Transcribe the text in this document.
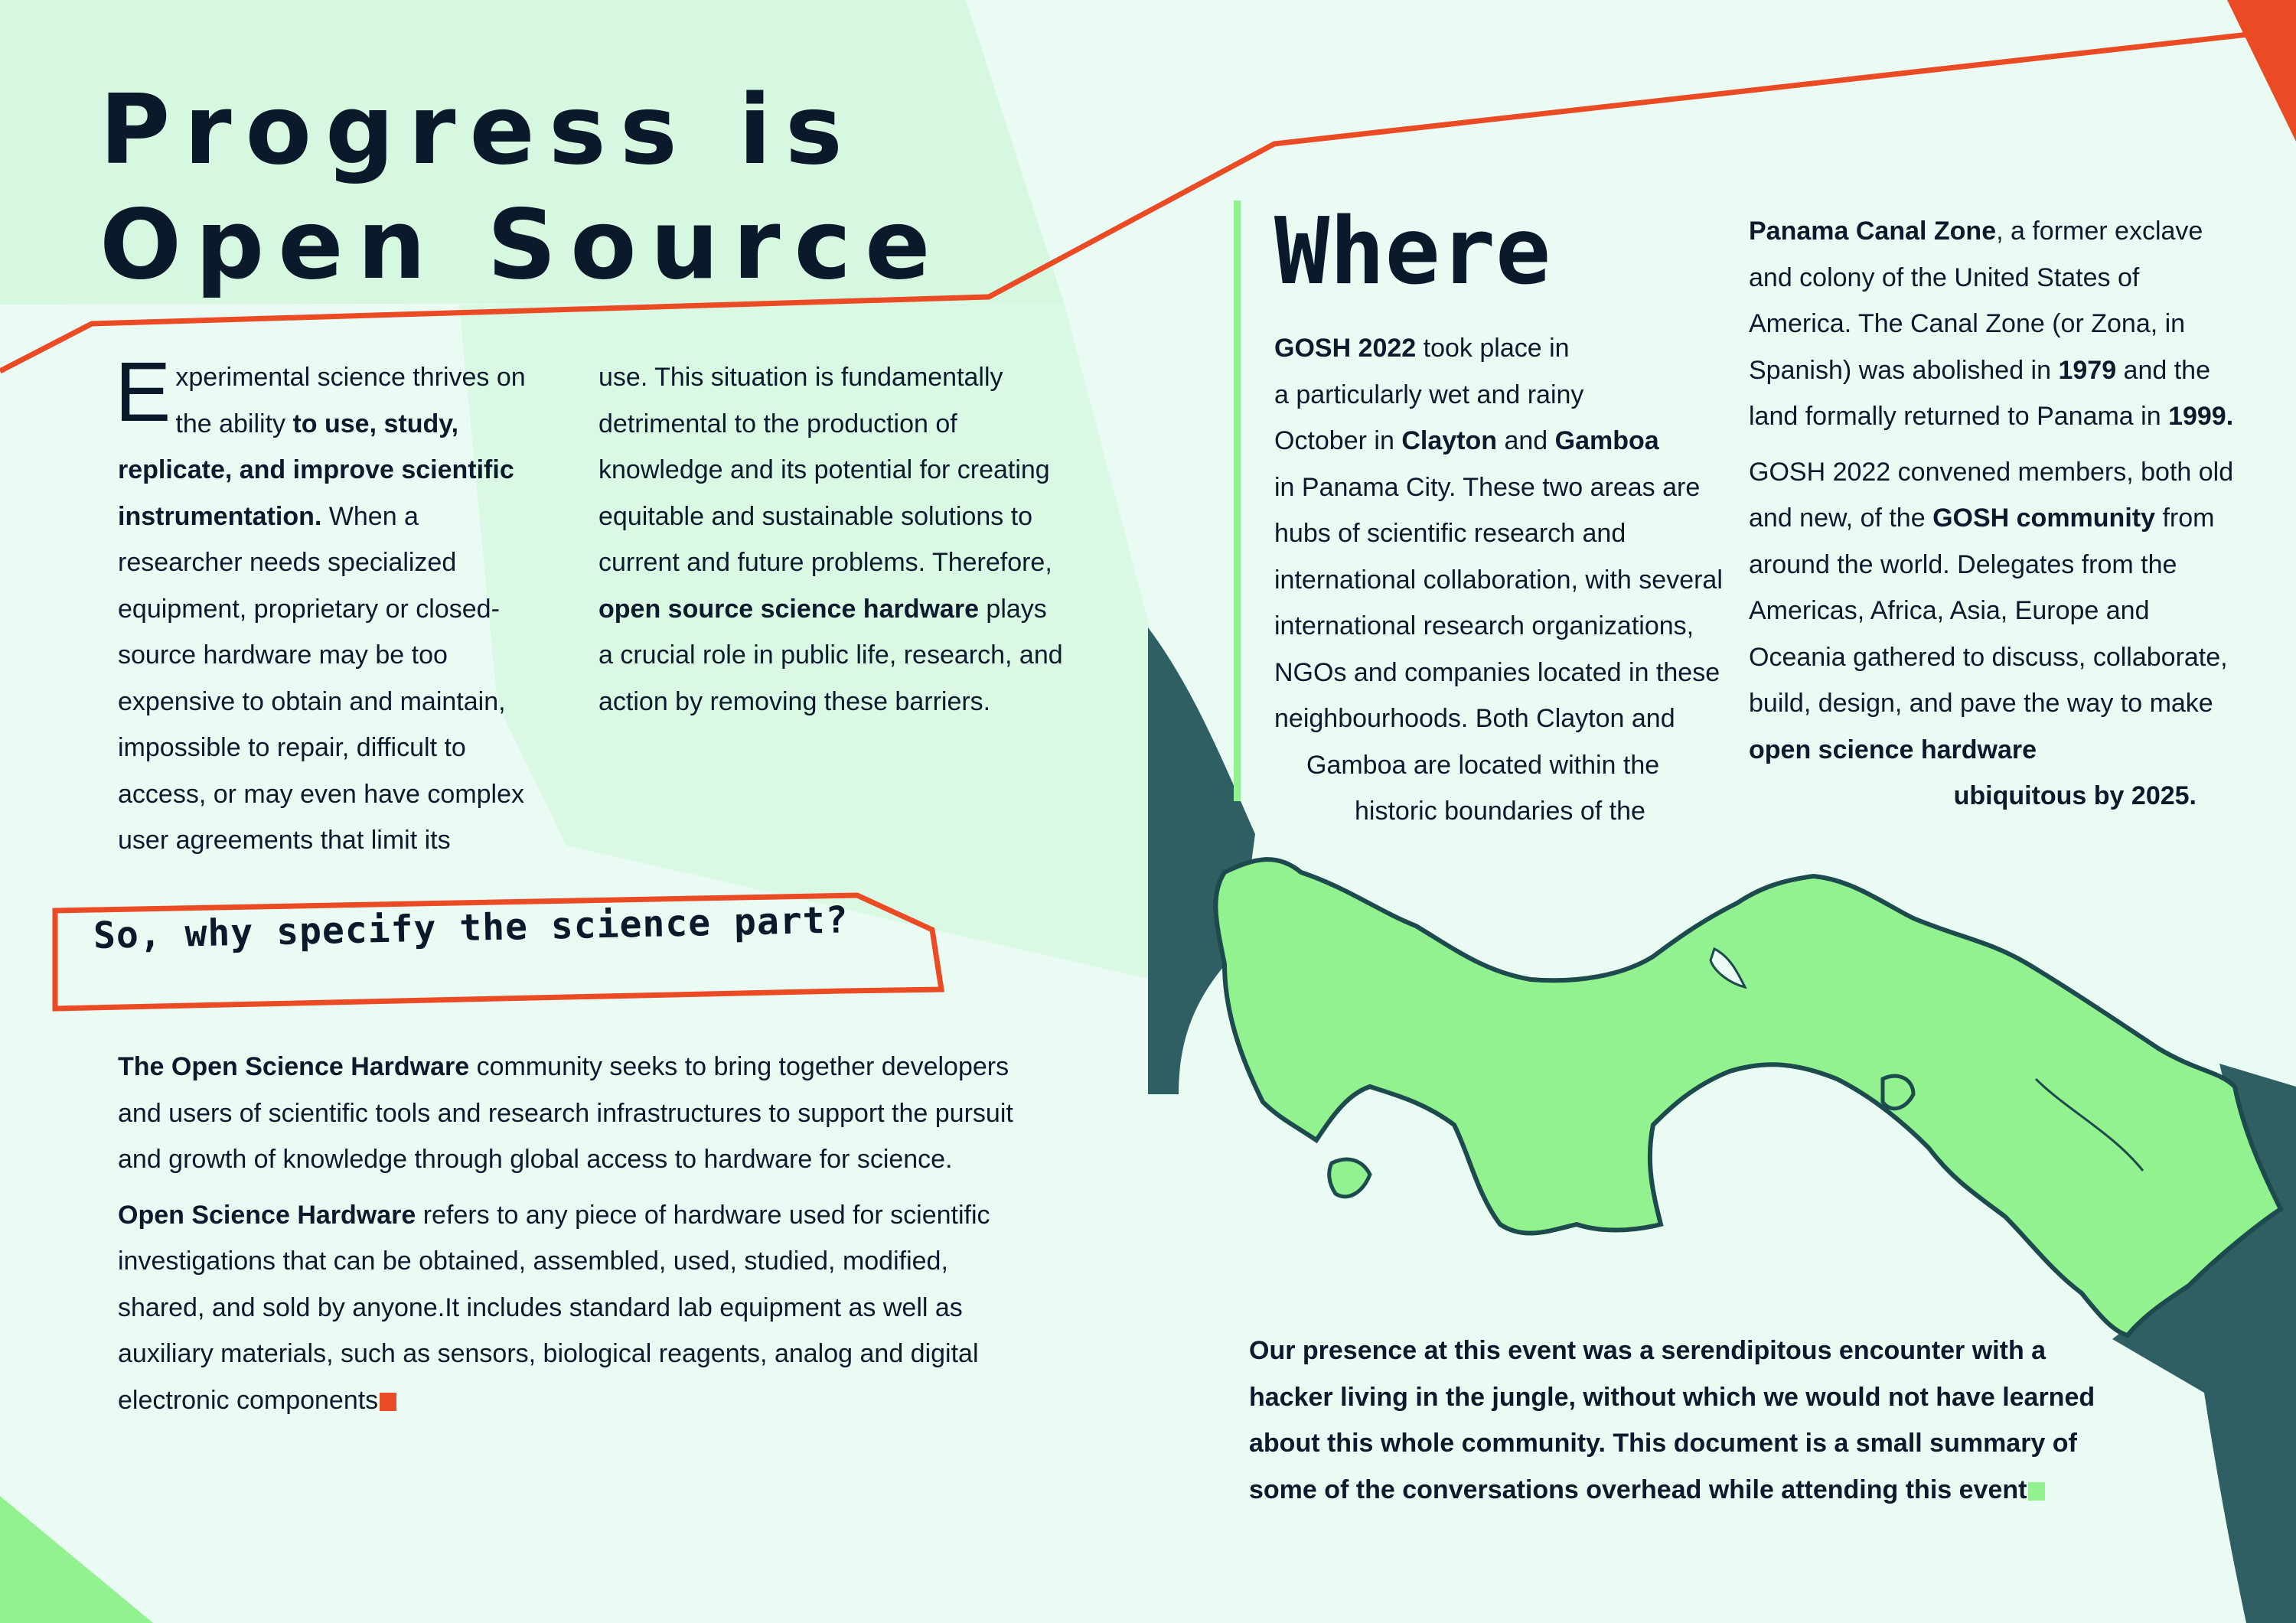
Progress is
Open Source

Experimental science thrives on the ability to use, study, replicate, and improve scientific instrumentation. When a researcher needs specialized equipment, proprietary or closed-source hardware may be too expensive to obtain and maintain, impossible to repair, difficult to access, or may even have complex user agreements that limit its

use. This situation is fundamentally detrimental to the production of knowledge and its potential for creating equitable and sustainable solutions to current and future problems. Therefore, open source science hardware plays a crucial role in public life, research, and action by removing these barriers.

So, why specify the science part?

The Open Science Hardware community seeks to bring together developers and users of scientific tools and research infrastructures to support the pursuit and growth of knowledge through global access to hardware for science.

Open Science Hardware refers to any piece of hardware used for scientific investigations that can be obtained, assembled, used, studied, modified, shared, and sold by anyone.It includes standard lab equipment as well as auxiliary materials, such as sensors, biological reagents, analog and digital electronic components

Where
GOSH 2022 took place in
a particularly wet and rainy
October in Clayton and Gamboa
in Panama City. These two areas are hubs of scientific research and international collaboration, with several international research organizations, NGOs and companies located in these neighbourhoods. Both Clayton and
Gamboa are located within the
historic boundaries of the

Panama Canal Zone, a former exclave and colony of the United States of America. The Canal Zone (or Zona, in Spanish) was abolished in 1979 and the land formally returned to Panama in 1999.

GOSH 2022 convened members, both old and new, of the GOSH community from around the world. Delegates from the Americas, Africa, Asia, Europe and Oceania gathered to discuss, collaborate, build, design, and pave the way to make open science hardware

ubiquitous by 2025.

Our presence at this event was a serendipitous encounter with a hacker living in the jungle, without which we would not have learned about this whole community. This document is a small summary of some of the conversations overhead while attending this event
